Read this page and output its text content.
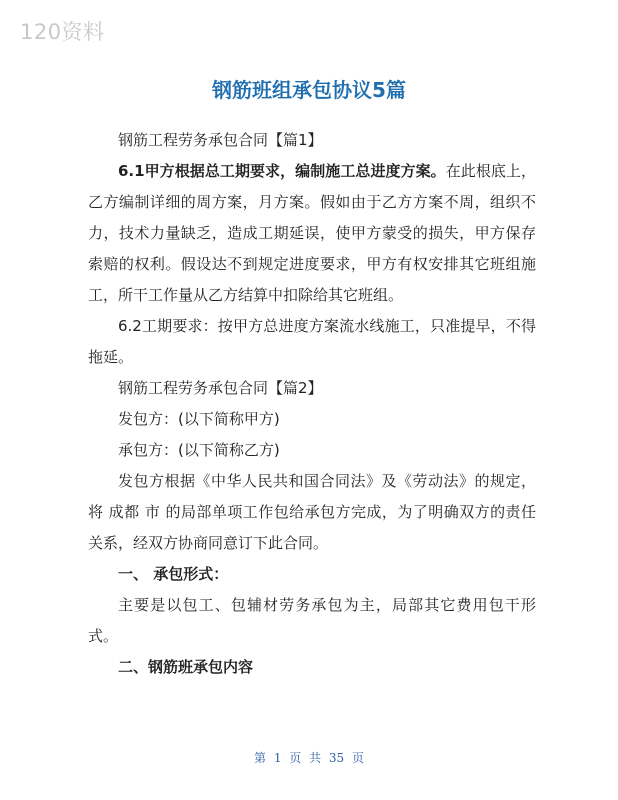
120资料
钢筋班组承包协议5篇

钢筋工程劳务承包合同【篇1】

6.1甲方根据总工期要求，编制施工总进度方案。在此根底上，乙方编制详细的周方案，月方案。假如由于乙方方案不周，组织不力，技术力量缺乏，造成工期延误，使甲方蒙受的损失，甲方保存索赔的权利。假设达不到规定进度要求，甲方有权安排其它班组施工，所干工作量从乙方结算中扣除给其它班组。

6.2工期要求：按甲方总进度方案流水线施工，只准提早，不得拖延。

钢筋工程劳务承包合同【篇2】

发包方：(以下简称甲方)

承包方：(以下简称乙方)

发包方根据《中华人民共和国合同法》及《劳动法》的规定，将 成都 市 的局部单项工作包给承包方完成，为了明确双方的责任关系，经双方协商同意订下此合同。

一、 承包形式：

主要是以包工、包辅材劳务承包为主，局部其它费用包干形式。

二、钢筋班承包内容

第 1 页 共 35 页
